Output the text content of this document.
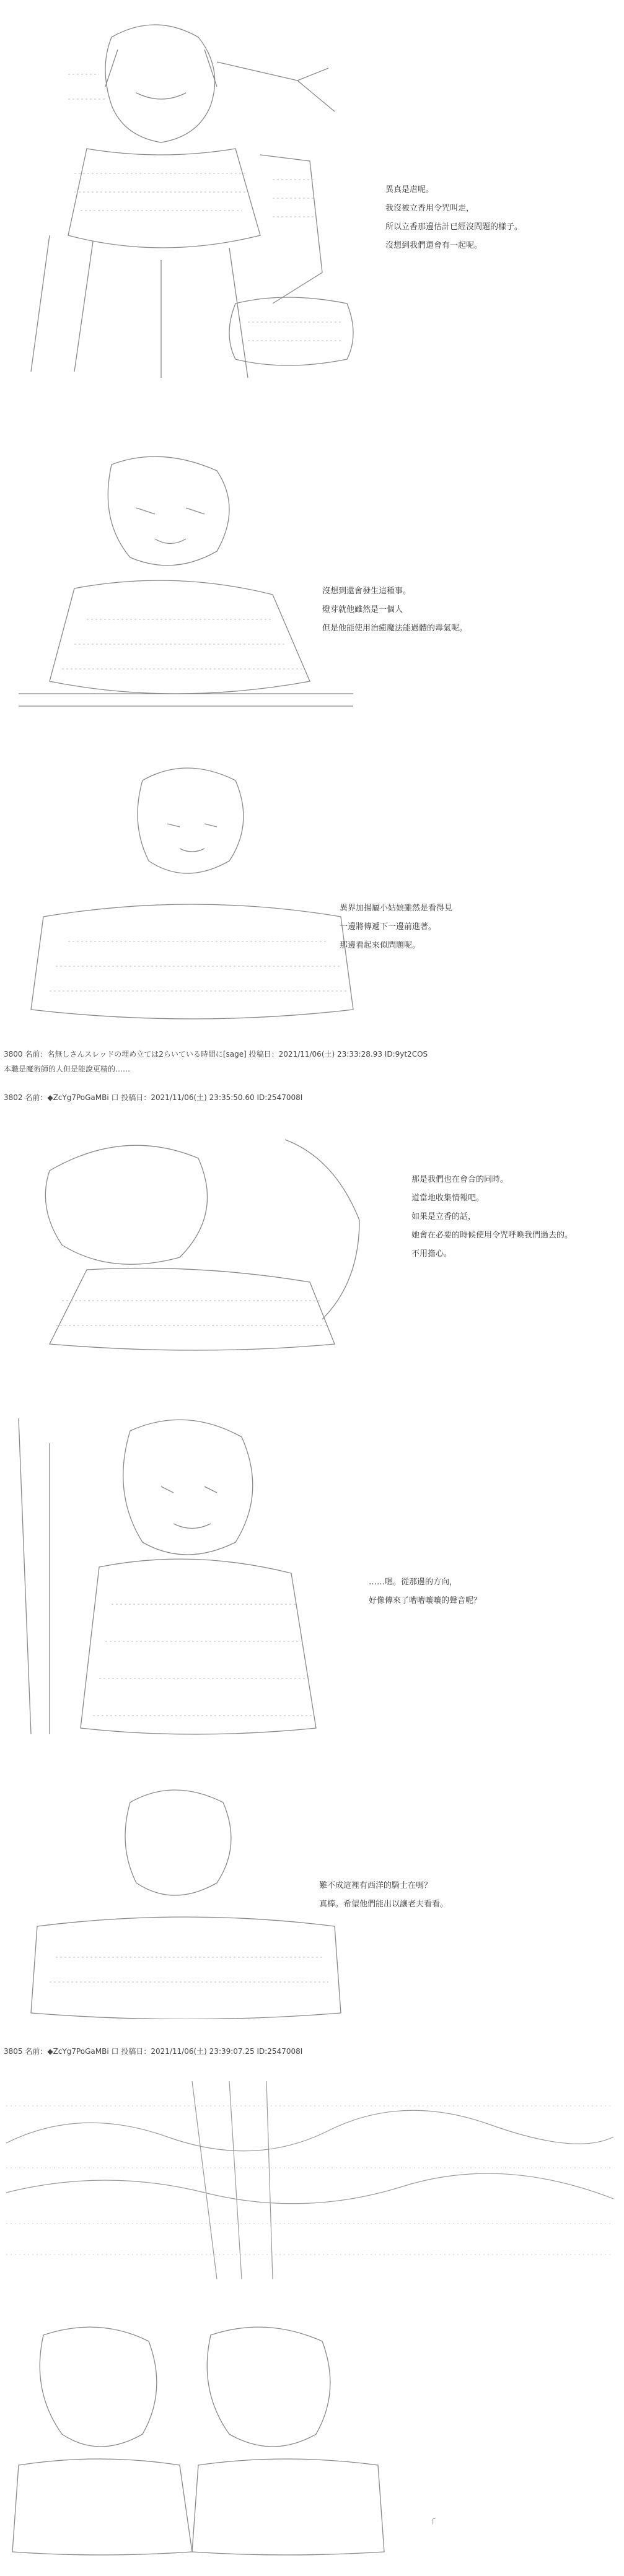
異真是虐呢。
我沒被立香用令咒叫走，
所以立香那邊估計已經沒問題的樣子。
沒想到我們還會有一起呢。
沒想到還會發生這種事。
燈芽就他雖然是一個人
但是他能使用治癒魔法能過體的毒氣呢。
異界加揚屬小姑娘雖然是看得見
一邊將傳遞下一邊前進著。
那邊看起來似問題呢。
3800 名前：名無しさんスレッドの埋め立ては2らいている時間に[sage] 投稿日：2021/11/06(土) 23:33:28.93 ID:9yt2COS
本職是魔術師的人但是能說更精的……
3802 名前：◆ZcYg7PoGaMBi 口 投稿日：2021/11/06(土) 23:35:50.60 ID:2547008I
那是我們也在會合的同時。
道當地收集情報吧。
如果是立香的話，
她會在必要的時候使用令咒呼喚我們過去的。
不用擔心。
……嗯。從那邊的方向，
好像傳來了嘈嘈嚷嚷的聲音呢？
難不成這裡有西洋的騎士在嗎？
真棒。希望他們能出以讓老夫看看。
3805 名前：◆ZcYg7PoGaMBi 口 投稿日：2021/11/06(土) 23:39:07.25 ID:2547008I
「
